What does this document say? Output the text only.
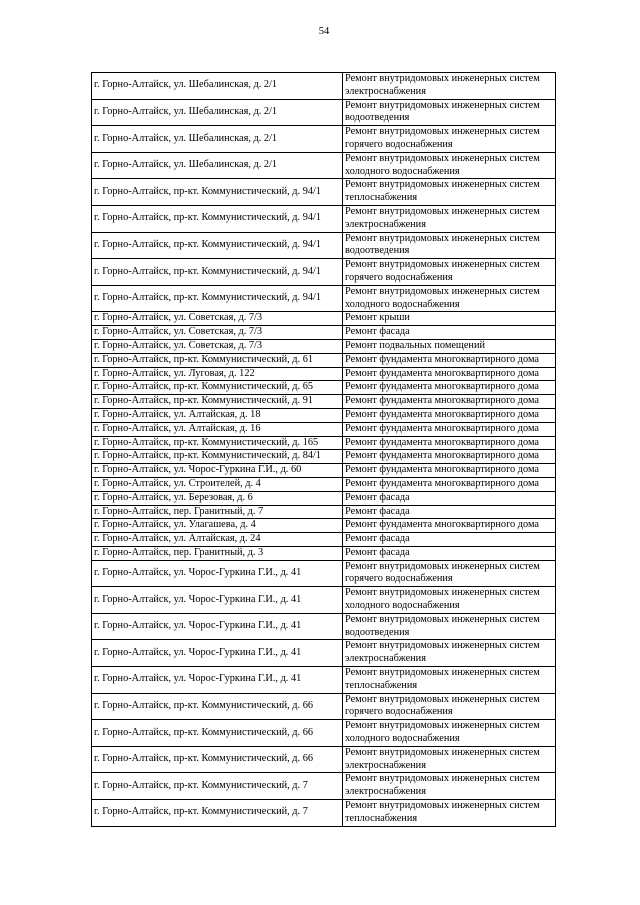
54
г. Горно-Алтайск, ул. Шебалинская, д. 2/1	Ремонт внутридомовых инженерных систем электроснабжения
г. Горно-Алтайск, ул. Шебалинская, д. 2/1	Ремонт внутридомовых инженерных систем водоотведения
г. Горно-Алтайск, ул. Шебалинская, д. 2/1	Ремонт внутридомовых инженерных систем горячего водоснабжения
г. Горно-Алтайск, ул. Шебалинская, д. 2/1	Ремонт внутридомовых инженерных систем холодного водоснабжения
г. Горно-Алтайск, пр-кт. Коммунистический, д. 94/1	Ремонт внутридомовых инженерных систем теплоснабжения
г. Горно-Алтайск, пр-кт. Коммунистический, д. 94/1	Ремонт внутридомовых инженерных систем электроснабжения
г. Горно-Алтайск, пр-кт. Коммунистический, д. 94/1	Ремонт внутридомовых инженерных систем водоотведения
г. Горно-Алтайск, пр-кт. Коммунистический, д. 94/1	Ремонт внутридомовых инженерных систем горячего водоснабжения
г. Горно-Алтайск, пр-кт. Коммунистический, д. 94/1	Ремонт внутридомовых инженерных систем холодного водоснабжения
г. Горно-Алтайск, ул. Советская, д. 7/3	Ремонт крыши
г. Горно-Алтайск, ул. Советская, д. 7/3	Ремонт фасада
г. Горно-Алтайск, ул. Советская, д. 7/3	Ремонт подвальных помещений
г. Горно-Алтайск, пр-кт. Коммунистический, д. 61	Ремонт фундамента многоквартирного дома
г. Горно-Алтайск, ул. Луговая, д. 122	Ремонт фундамента многоквартирного дома
г. Горно-Алтайск, пр-кт. Коммунистический, д. 65	Ремонт фундамента многоквартирного дома
г. Горно-Алтайск, пр-кт. Коммунистический, д. 91	Ремонт фундамента многоквартирного дома
г. Горно-Алтайск, ул. Алтайская, д. 18	Ремонт фундамента многоквартирного дома
г. Горно-Алтайск, ул. Алтайская, д. 16	Ремонт фундамента многоквартирного дома
г. Горно-Алтайск, пр-кт. Коммунистический, д. 165	Ремонт фундамента многоквартирного дома
г. Горно-Алтайск, пр-кт. Коммунистический, д. 84/1	Ремонт фундамента многоквартирного дома
г. Горно-Алтайск, ул. Чорос-Гуркина Г.И., д. 60	Ремонт фундамента многоквартирного дома
г. Горно-Алтайск, ул. Строителей, д. 4	Ремонт фундамента многоквартирного дома
г. Горно-Алтайск, ул. Березовая, д. 6	Ремонт фасада
г. Горно-Алтайск, пер. Гранитный, д. 7	Ремонт фасада
г. Горно-Алтайск, ул. Улагашева, д. 4	Ремонт фундамента многоквартирного дома
г. Горно-Алтайск, ул. Алтайская, д. 24	Ремонт фасада
г. Горно-Алтайск, пер. Гранитный, д. 3	Ремонт фасада
г. Горно-Алтайск, ул. Чорос-Гуркина Г.И., д. 41	Ремонт внутридомовых инженерных систем горячего водоснабжения
г. Горно-Алтайск, ул. Чорос-Гуркина Г.И., д. 41	Ремонт внутридомовых инженерных систем холодного водоснабжения
г. Горно-Алтайск, ул. Чорос-Гуркина Г.И., д. 41	Ремонт внутридомовых инженерных систем водоотведения
г. Горно-Алтайск, ул. Чорос-Гуркина Г.И., д. 41	Ремонт внутридомовых инженерных систем электроснабжения
г. Горно-Алтайск, ул. Чорос-Гуркина Г.И., д. 41	Ремонт внутридомовых инженерных систем теплоснабжения
г. Горно-Алтайск, пр-кт. Коммунистический, д. 66	Ремонт внутридомовых инженерных систем горячего водоснабжения
г. Горно-Алтайск, пр-кт. Коммунистический, д. 66	Ремонт внутридомовых инженерных систем холодного водоснабжения
г. Горно-Алтайск, пр-кт. Коммунистический, д. 66	Ремонт внутридомовых инженерных систем электроснабжения
г. Горно-Алтайск, пр-кт. Коммунистический, д. 7	Ремонт внутридомовых инженерных систем электроснабжения
г. Горно-Алтайск, пр-кт. Коммунистический, д. 7	Ремонт внутридомовых инженерных систем теплоснабжения
